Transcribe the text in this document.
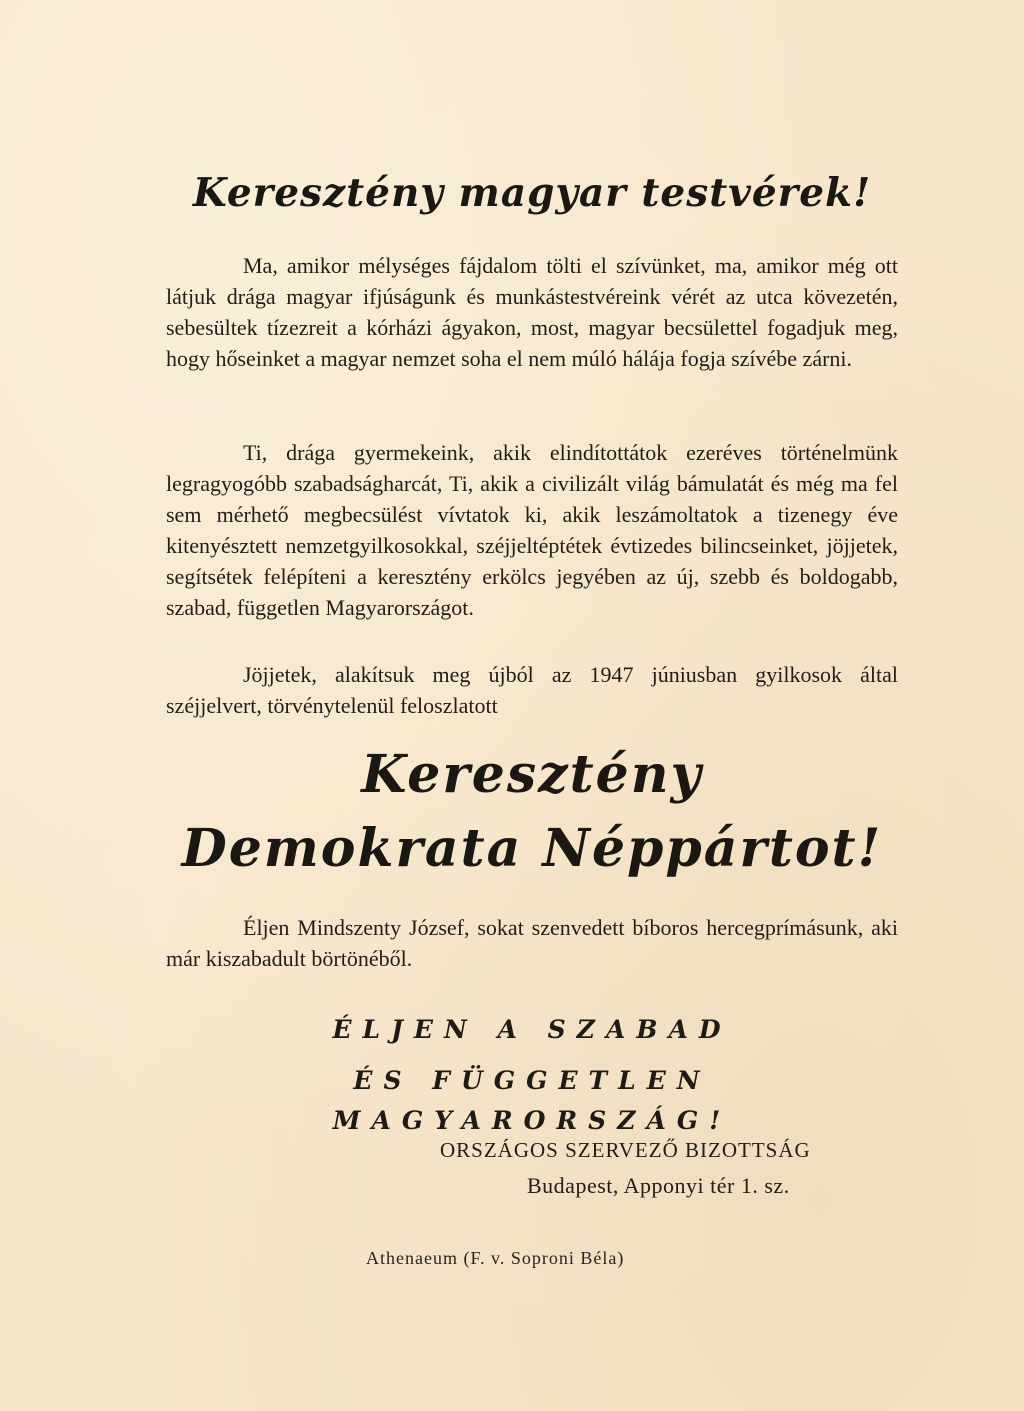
Keresztény magyar testvérek!

Ma, amikor mélységes fájdalom tölti el szívünket, ma, amikor még ott látjuk drága magyar ifjúságunk és munkástestvéreink vérét az utca kövezetén, sebesültek tízezreit a kórházi ágyakon, most, magyar becsülettel fogadjuk meg, hogy hőseinket a magyar nemzet soha el nem múló hálája fogja szívébe zárni.

Ti, drága gyermekeink, akik elindítottátok ezeréves történelmünk legragyogóbb szabadságharcát, Ti, akik a civilizált világ bámulatát és még ma fel sem mérhető megbecsülést vívtatok ki, akik leszámoltatok a tizenegy éve kitenyésztett nemzetgyilkosokkal, széjjeltéptétek évtizedes bilincseinket, jöjjetek, segítsétek felépíteni a keresztény erkölcs jegyében az új, szebb és boldogabb, szabad, független Magyarországot.

Jöjjetek, alakítsuk meg újból az 1947 júniusban gyilkosok által széjjelvert, törvénytelenül feloszlatott

Keresztény
Demokrata Néppártot!

Éljen Mindszenty József, sokat szenvedett bíboros hercegprímásunk, aki már kiszabadult börtönéből.

ÉLJEN A SZABAD
ÉS FÜGGETLEN MAGYARORSZÁG!
ORSZÁGOS SZERVEZŐ BIZOTTSÁG
Budapest, Apponyi tér 1. sz.
Athenaeum (F. v. Soproni Béla)
